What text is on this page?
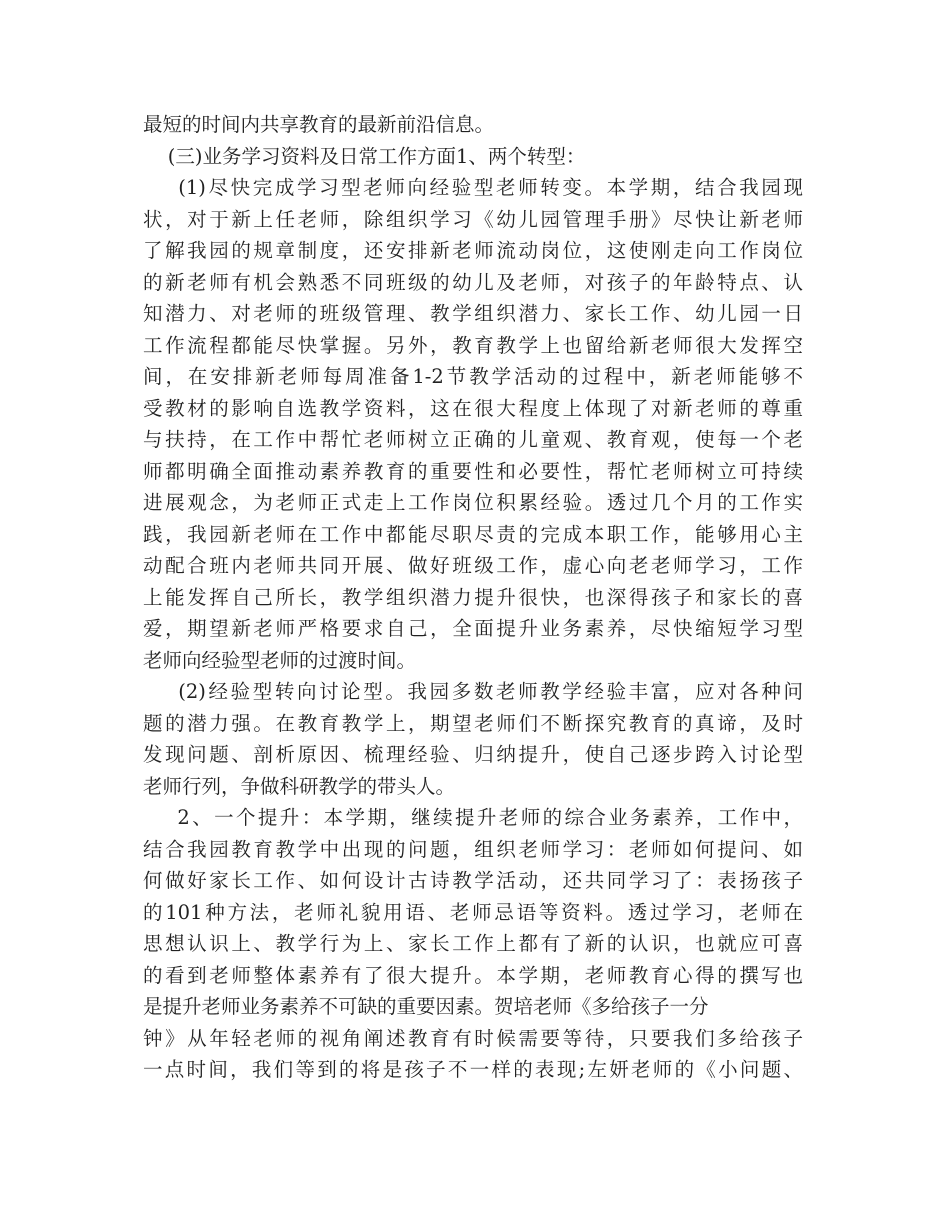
最短的时间内共享教育的最新前沿信息。
(三)业务学习资料及日常工作方面1、两个转型：
(1)尽快完成学习型老师向经验型老师转变。本学期，结合我园现
状，对于新上任老师，除组织学习《幼儿园管理手册》尽快让新老师
了解我园的规章制度，还安排新老师流动岗位，这使刚走向工作岗位
的新老师有机会熟悉不同班级的幼儿及老师，对孩子的年龄特点、认
知潜力、对老师的班级管理、教学组织潜力、家长工作、幼儿园一日
工作流程都能尽快掌握。另外，教育教学上也留给新老师很大发挥空
间，在安排新老师每周准备1-2节教学活动的过程中，新老师能够不
受教材的影响自选教学资料，这在很大程度上体现了对新老师的尊重
与扶持，在工作中帮忙老师树立正确的儿童观、教育观，使每一个老
师都明确全面推动素养教育的重要性和必要性，帮忙老师树立可持续
进展观念，为老师正式走上工作岗位积累经验。透过几个月的工作实
践，我园新老师在工作中都能尽职尽责的完成本职工作，能够用心主
动配合班内老师共同开展、做好班级工作，虚心向老老师学习，工作
上能发挥自己所长，教学组织潜力提升很快，也深得孩子和家长的喜
爱，期望新老师严格要求自己，全面提升业务素养，尽快缩短学习型
老师向经验型老师的过渡时间。
(2)经验型转向讨论型。我园多数老师教学经验丰富，应对各种问
题的潜力强。在教育教学上，期望老师们不断探究教育的真谛，及时
发现问题、剖析原因、梳理经验、归纳提升，使自己逐步跨入讨论型
老师行列，争做科研教学的带头人。
2、一个提升：本学期，继续提升老师的综合业务素养，工作中，
结合我园教育教学中出现的问题，组织老师学习：老师如何提问、如
何做好家长工作、如何设计古诗教学活动，还共同学习了：表扬孩子
的101种方法，老师礼貌用语、老师忌语等资料。透过学习，老师在
思想认识上、教学行为上、家长工作上都有了新的认识，也就应可喜
的看到老师整体素养有了很大提升。本学期，老师教育心得的撰写也
是提升老师业务素养不可缺的重要因素。贺培老师《多给孩子一分
钟》从年轻老师的视角阐述教育有时候需要等待，只要我们多给孩子
一点时间，我们等到的将是孩子不一样的表现;左妍老师的《小问题、
